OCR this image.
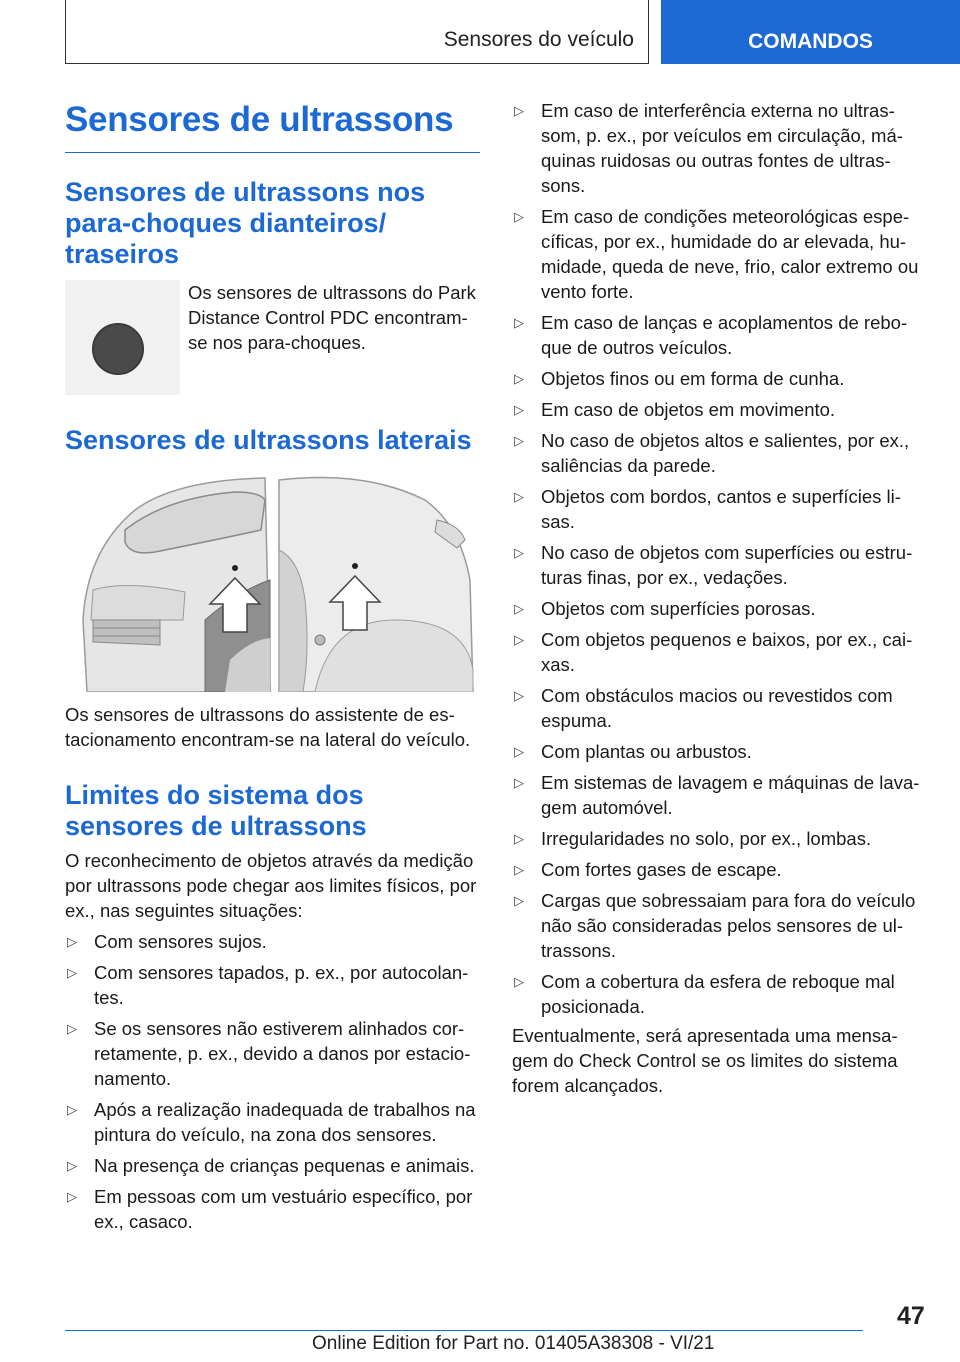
Sensores do veículo	COMANDOS
Sensores de ultrassons
Sensores de ultrassons nos para-choques dianteiros/ traseiros

Os sensores de ultrassons do Park Distance Control PDC encontram-se nos para-choques.

Sensores de ultrassons laterais

Os sensores de ultrassons do assistente de estacionamento encontram-se na lateral do veículo.

Limites do sistema dos sensores de ultrassons

O reconhecimento de objetos através da medição por ultrassons pode chegar aos limites físicos, por ex., nas seguintes situações:

▷ Com sensores sujos.
▷ Com sensores tapados, p. ex., por autocolantes.
▷ Se os sensores não estiverem alinhados corretamente, p. ex., devido a danos por estacionamento.
▷ Após a realização inadequada de trabalhos na pintura do veículo, na zona dos sensores.
▷ Na presença de crianças pequenas e animais.
▷ Em pessoas com um vestuário específico, por ex., casaco.
▷ Em caso de interferência externa no ultrassom, p. ex., por veículos em circulação, máquinas ruidosas ou outras fontes de ultrassons.
▷ Em caso de condições meteorológicas específicas, por ex., humidade do ar elevada, humidade, queda de neve, frio, calor extremo ou vento forte.
▷ Em caso de lanças e acoplamentos de reboque de outros veículos.
▷ Objetos finos ou em forma de cunha.
▷ Em caso de objetos em movimento.
▷ No caso de objetos altos e salientes, por ex., saliências da parede.
▷ Objetos com bordos, cantos e superfícies lisas.
▷ No caso de objetos com superfícies ou estruturas finas, por ex., vedações.
▷ Objetos com superfícies porosas.
▷ Com objetos pequenos e baixos, por ex., caixas.
▷ Com obstáculos macios ou revestidos com espuma.
▷ Com plantas ou arbustos.
▷ Em sistemas de lavagem e máquinas de lavagem automóvel.
▷ Irregularidades no solo, por ex., lombas.
▷ Com fortes gases de escape.
▷ Cargas que sobressaiam para fora do veículo não são consideradas pelos sensores de ultrassons.
▷ Com a cobertura da esfera de reboque mal posicionada.

Eventualmente, será apresentada uma mensagem do Check Control se os limites do sistema forem alcançados.

47
Online Edition for Part no. 01405A38308 - VI/21
